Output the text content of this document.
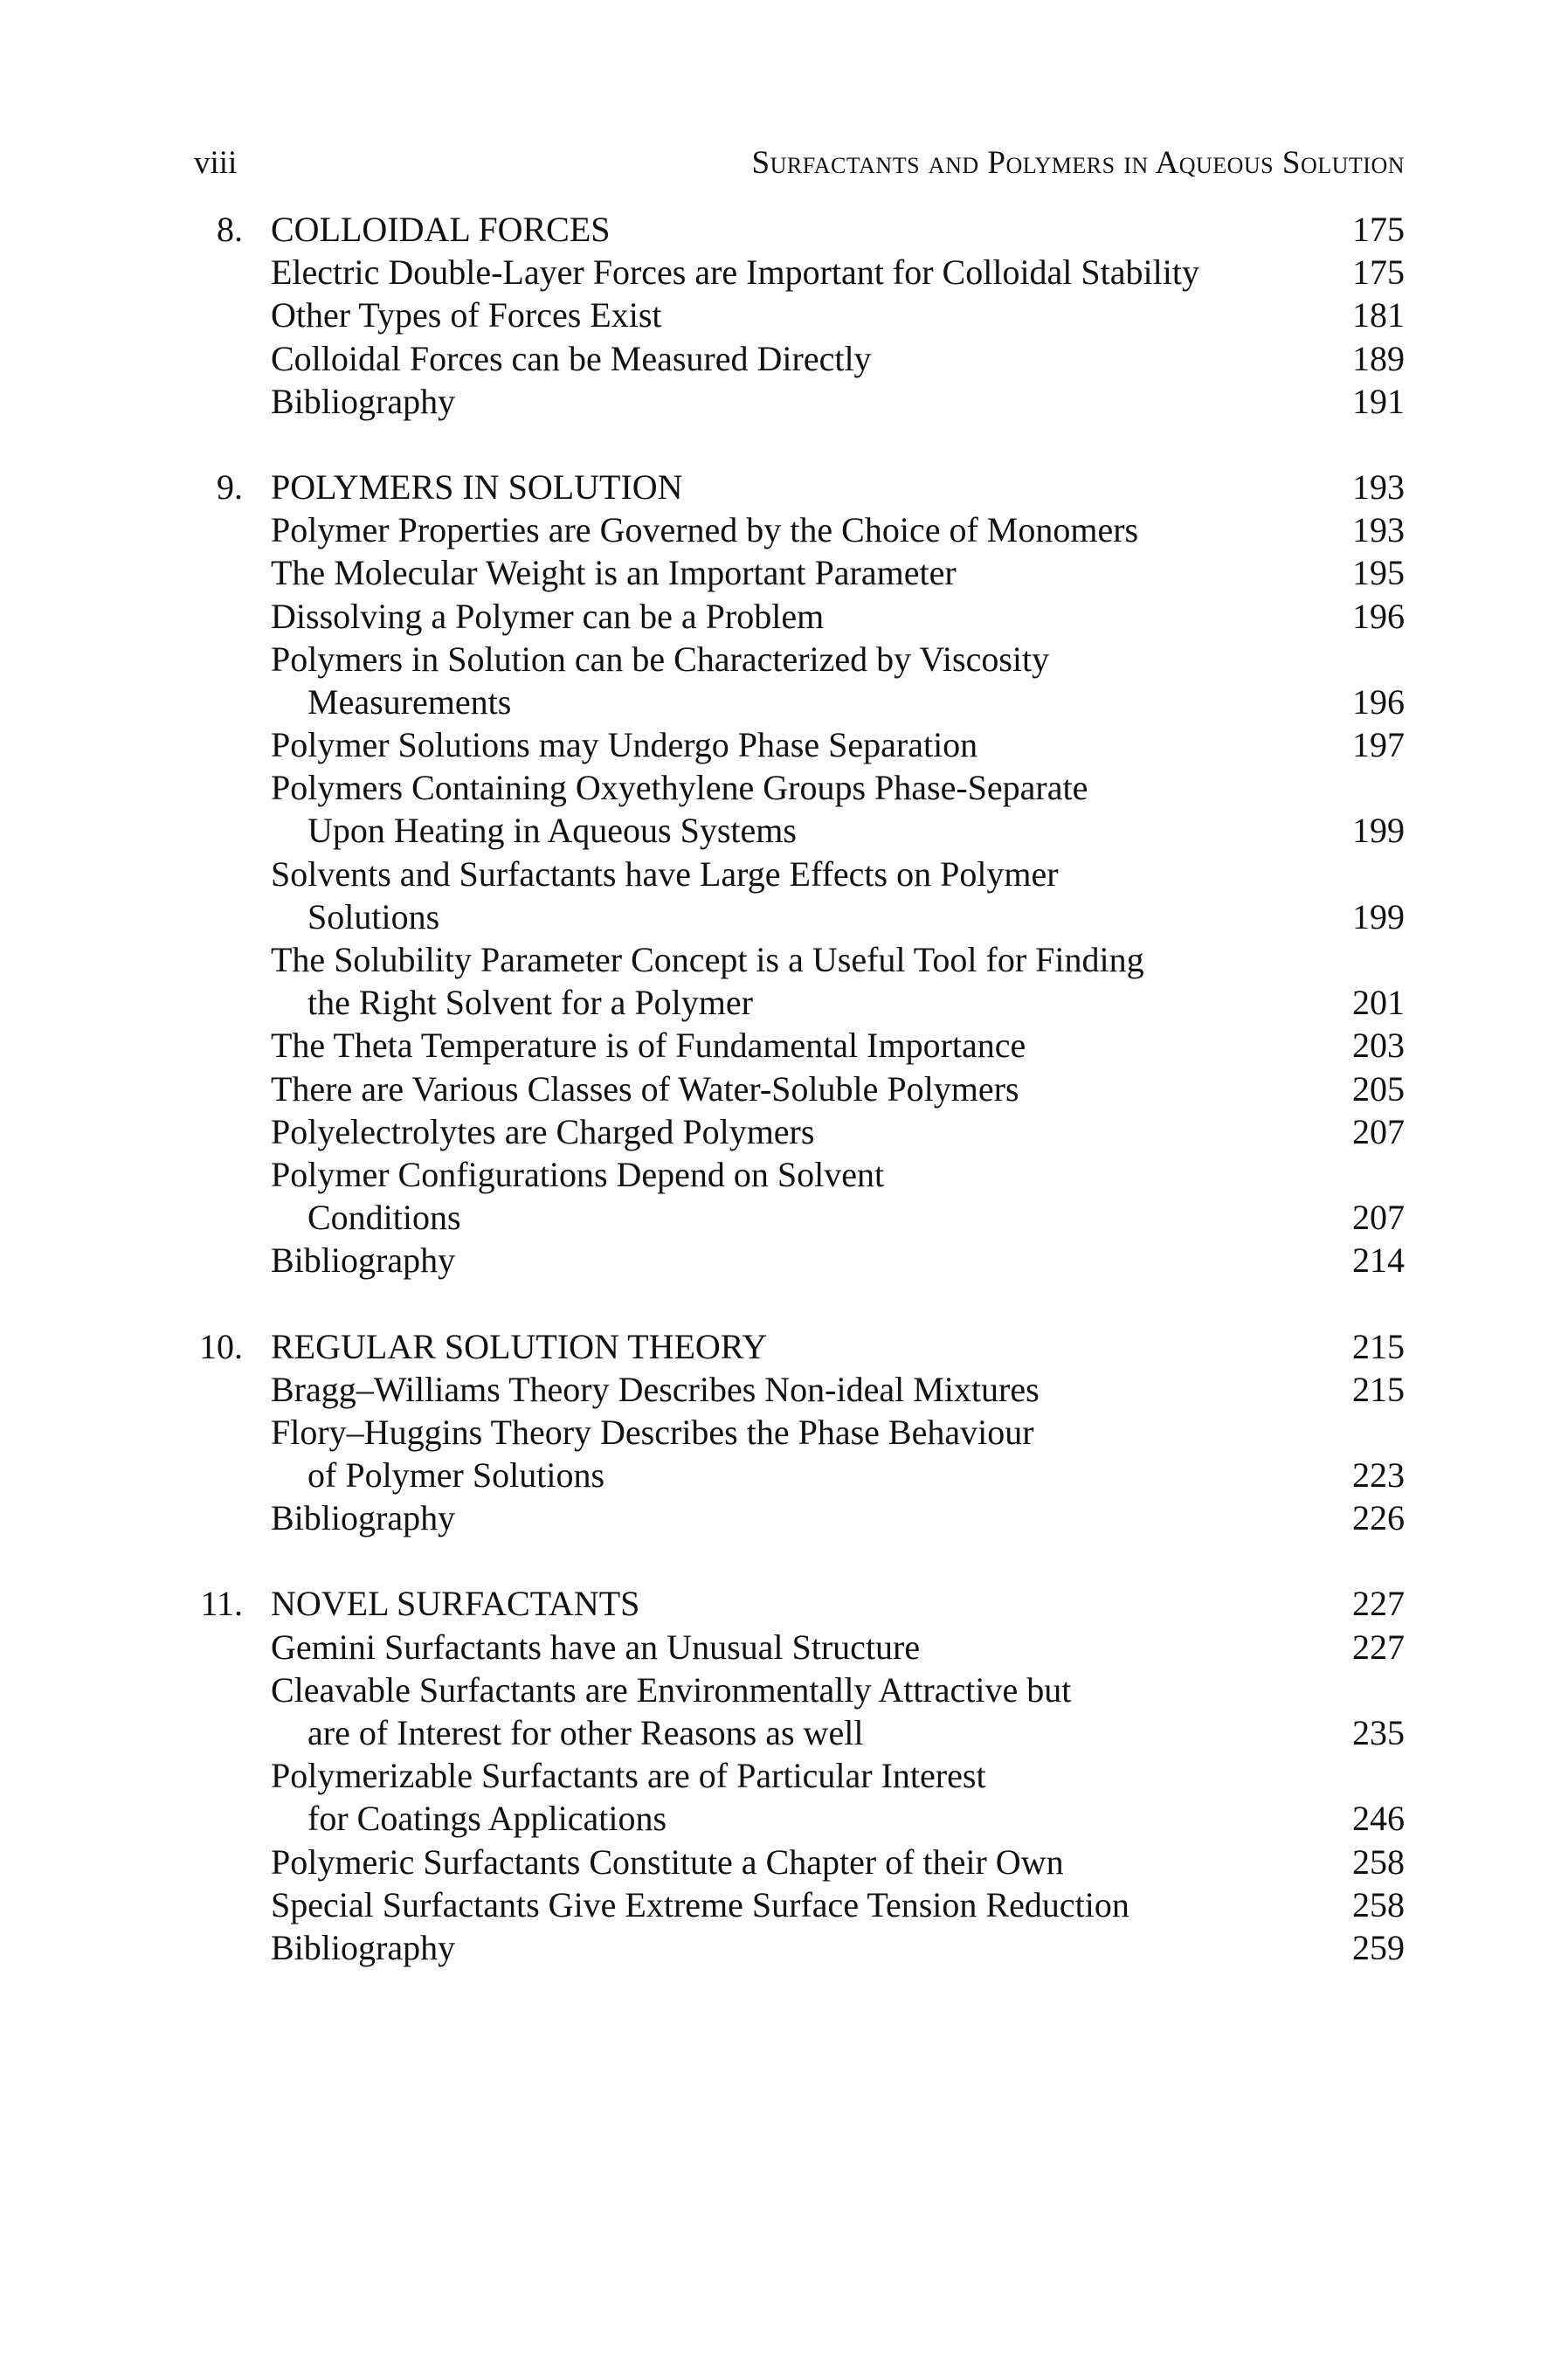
viii	Surfactants and Polymers in Aqueous Solution
8. COLLOIDAL FORCES	175
Electric Double-Layer Forces are Important for Colloidal Stability	175
Other Types of Forces Exist	181
Colloidal Forces can be Measured Directly	189
Bibliography	191
9. POLYMERS IN SOLUTION	193
Polymer Properties are Governed by the Choice of Monomers	193
The Molecular Weight is an Important Parameter	195
Dissolving a Polymer can be a Problem	196
Polymers in Solution can be Characterized by Viscosity
Measurements	196
Polymer Solutions may Undergo Phase Separation	197
Polymers Containing Oxyethylene Groups Phase-Separate
Upon Heating in Aqueous Systems	199
Solvents and Surfactants have Large Effects on Polymer
Solutions	199
The Solubility Parameter Concept is a Useful Tool for Finding
the Right Solvent for a Polymer	201
The Theta Temperature is of Fundamental Importance	203
There are Various Classes of Water-Soluble Polymers	205
Polyelectrolytes are Charged Polymers	207
Polymer Configurations Depend on Solvent
Conditions	207
Bibliography	214
10. REGULAR SOLUTION THEORY	215
Bragg–Williams Theory Describes Non-ideal Mixtures	215
Flory–Huggins Theory Describes the Phase Behaviour
of Polymer Solutions	223
Bibliography	226
11. NOVEL SURFACTANTS	227
Gemini Surfactants have an Unusual Structure	227
Cleavable Surfactants are Environmentally Attractive but
are of Interest for other Reasons as well	235
Polymerizable Surfactants are of Particular Interest
for Coatings Applications	246
Polymeric Surfactants Constitute a Chapter of their Own	258
Special Surfactants Give Extreme Surface Tension Reduction	258
Bibliography	259
